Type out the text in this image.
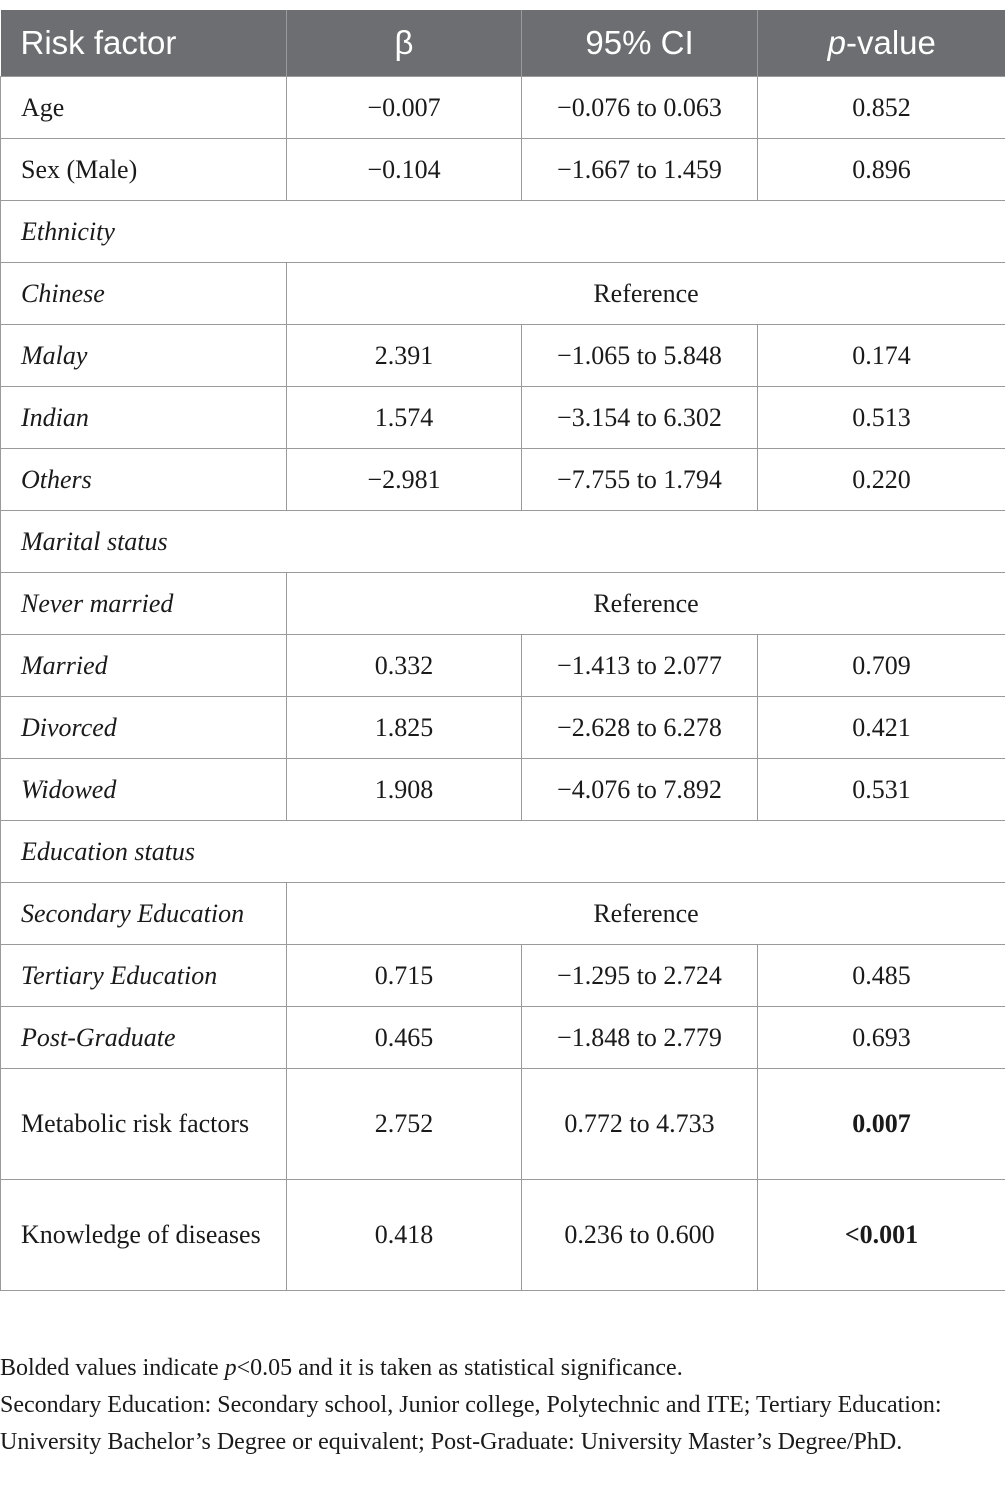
Risk factor	β	95% CI	p-value
Age	−0.007	−0.076 to 0.063	0.852
Sex (Male)	−0.104	−1.667 to 1.459	0.896
Ethnicity			
Chinese	Reference		
Malay	2.391	−1.065 to 5.848	0.174
Indian	1.574	−3.154 to 6.302	0.513
Others	−2.981	−7.755 to 1.794	0.220
Marital status			
Never married	Reference		
Married	0.332	−1.413 to 2.077	0.709
Divorced	1.825	−2.628 to 6.278	0.421
Widowed	1.908	−4.076 to 7.892	0.531
Education status			
Secondary Education	Reference		
Tertiary Education	0.715	−1.295 to 2.724	0.485
Post-Graduate	0.465	−1.848 to 2.779	0.693
Metabolic risk factors	2.752	0.772 to 4.733	0.007
Knowledge of diseases	0.418	0.236 to 0.600	<0.001

Bolded values indicate p<0.05 and it is taken as statistical significance.

Secondary Education: Secondary school, Junior college, Polytechnic and ITE; Tertiary Education: University Bachelor’s Degree or equivalent; Post-Graduate: University Master’s Degree/PhD.
